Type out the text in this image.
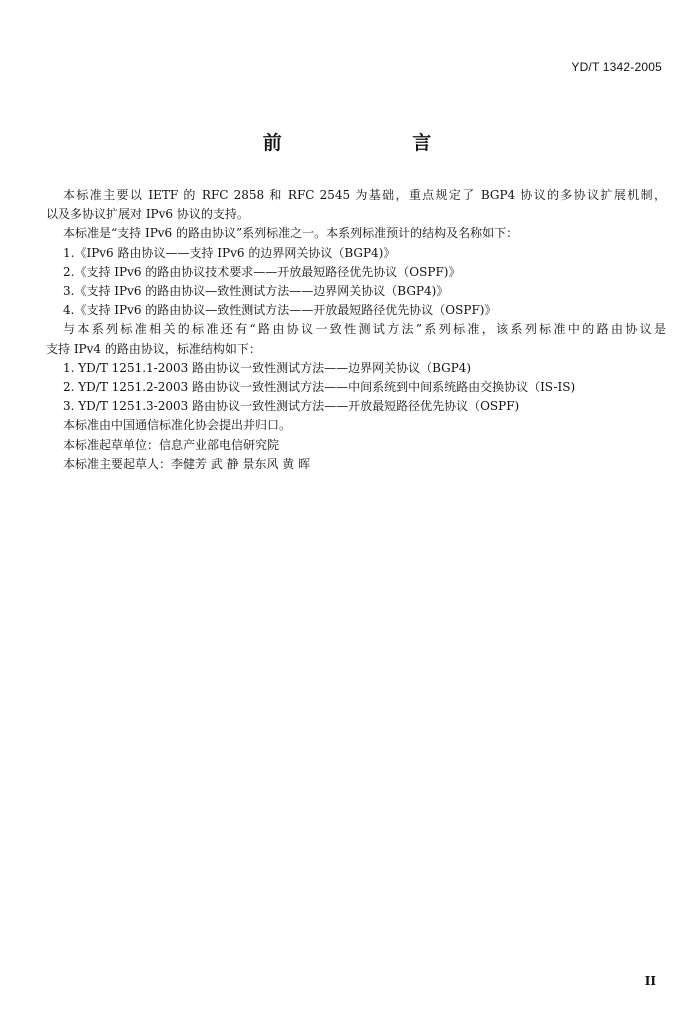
YD/T 1342-2005
前 言

本标准主要以 IETF 的 RFC 2858 和 RFC 2545 为基础，重点规定了 BGP4 协议的多协议扩展机制，

以及多协议扩展对 IPv6 协议的支持。

本标准是“支持 IPv6 的路由协议”系列标准之一。本系列标准预计的结构及名称如下：

1.《IPv6 路由协议——支持 IPv6 的边界网关协议（BGP4)》

2.《支持 IPv6 的路由协议技术要求——开放最短路径优先协议（OSPF)》

3.《支持 IPv6 的路由协议—致性测试方法——边界网关协议（BGP4)》

4.《支持 IPv6 的路由协议—致性测试方法——开放最短路径优先协议（OSPF)》

与本系列标准相关的标准还有“路由协议一致性测试方法”系列标准，该系列标准中的路由协议是

支持 IPv4 的路由协议，标准结构如下：

1. YD/T 1251.1-2003 路由协议一致性测试方法——边界网关协议（BGP4)

2. YD/T 1251.2-2003 路由协议一致性测试方法——中间系统到中间系统路由交换协议（IS-IS)

3. YD/T 1251.3-2003 路由协议一致性测试方法——开放最短路径优先协议（OSPF)

本标准由中国通信标准化协会提出并归口。

本标准起草单位：信息产业部电信研究院

本标准主要起草人：李健芳 武 静 景东风 黄 晖

II
